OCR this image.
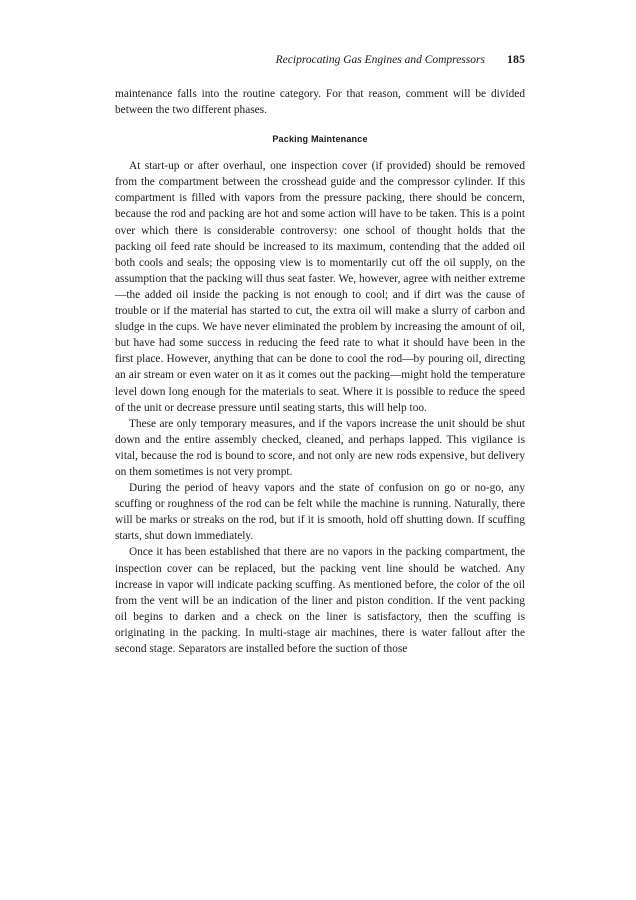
Reciprocating Gas Engines and Compressors 185

maintenance falls into the routine category. For that reason, comment will be divided between the two different phases.

Packing Maintenance

At start-up or after overhaul, one inspection cover (if provided) should be removed from the compartment between the crosshead guide and the compressor cylinder. If this compartment is filled with vapors from the pressure packing, there should be concern, because the rod and packing are hot and some action will have to be taken. This is a point over which there is considerable controversy: one school of thought holds that the packing oil feed rate should be increased to its maximum, contending that the added oil both cools and seals; the opposing view is to momentarily cut off the oil supply, on the assumption that the packing will thus seat faster. We, however, agree with neither extreme—the added oil inside the packing is not enough to cool; and if dirt was the cause of trouble or if the material has started to cut, the extra oil will make a slurry of carbon and sludge in the cups. We have never eliminated the problem by increasing the amount of oil, but have had some success in reducing the feed rate to what it should have been in the first place. However, anything that can be done to cool the rod—by pouring oil, directing an air stream or even water on it as it comes out the packing—might hold the temperature level down long enough for the materials to seat. Where it is possible to reduce the speed of the unit or decrease pressure until seating starts, this will help too.

These are only temporary measures, and if the vapors increase the unit should be shut down and the entire assembly checked, cleaned, and perhaps lapped. This vigilance is vital, because the rod is bound to score, and not only are new rods expensive, but delivery on them sometimes is not very prompt.

During the period of heavy vapors and the state of confusion on go or no-go, any scuffing or roughness of the rod can be felt while the machine is running. Naturally, there will be marks or streaks on the rod, but if it is smooth, hold off shutting down. If scuffing starts, shut down immediately.

Once it has been established that there are no vapors in the packing compartment, the inspection cover can be replaced, but the packing vent line should be watched. Any increase in vapor will indicate packing scuffing. As mentioned before, the color of the oil from the vent will be an indication of the liner and piston condition. If the vent packing oil begins to darken and a check on the liner is satisfactory, then the scuffing is originating in the packing. In multi-stage air machines, there is water fallout after the second stage. Separators are installed before the suction of those
